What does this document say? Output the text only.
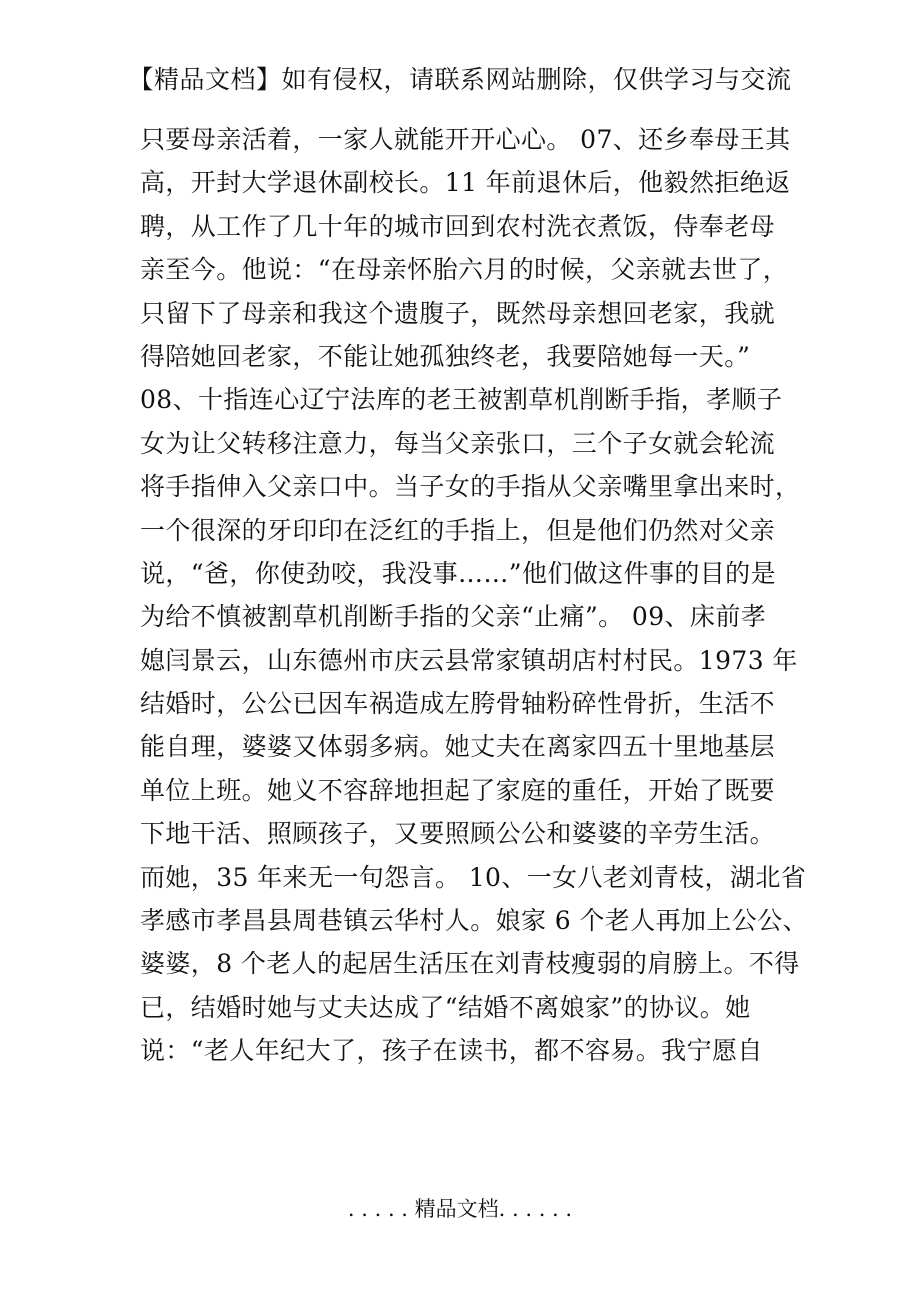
【精品文档】如有侵权，请联系网站删除，仅供学习与交流
只要母亲活着，一家人就能开开心心。 07、还乡奉母王其
高，开封大学退休副校长。11 年前退休后，他毅然拒绝返
聘，从工作了几十年的城市回到农村洗衣煮饭，侍奉老母
亲至今。他说：“在母亲怀胎六月的时候，父亲就去世了，
只留下了母亲和我这个遗腹子，既然母亲想回老家，我就
得陪她回老家，不能让她孤独终老，我要陪她每一天。”
08、十指连心辽宁法库的老王被割草机削断手指，孝顺子
女为让父转移注意力，每当父亲张口，三个子女就会轮流
将手指伸入父亲口中。当子女的手指从父亲嘴里拿出来时，
一个很深的牙印印在泛红的手指上，但是他们仍然对父亲
说，“爸，你使劲咬，我没事……”他们做这件事的目的是
为给不慎被割草机削断手指的父亲“止痛”。 09、床前孝
媳闫景云，山东德州市庆云县常家镇胡店村村民。1973 年
结婚时，公公已因车祸造成左胯骨轴粉碎性骨折，生活不
能自理，婆婆又体弱多病。她丈夫在离家四五十里地基层
单位上班。她义不容辞地担起了家庭的重任，开始了既要
下地干活、照顾孩子，又要照顾公公和婆婆的辛劳生活。
而她，35 年来无一句怨言。 10、一女八老刘青枝，湖北省
孝感市孝昌县周巷镇云华村人。娘家 6 个老人再加上公公、
婆婆，8 个老人的起居生活压在刘青枝瘦弱的肩膀上。不得
已，结婚时她与丈夫达成了“结婚不离娘家”的协议。她
说：“老人年纪大了，孩子在读书，都不容易。我宁愿自
. . . . . 精品文档. . . . . .
